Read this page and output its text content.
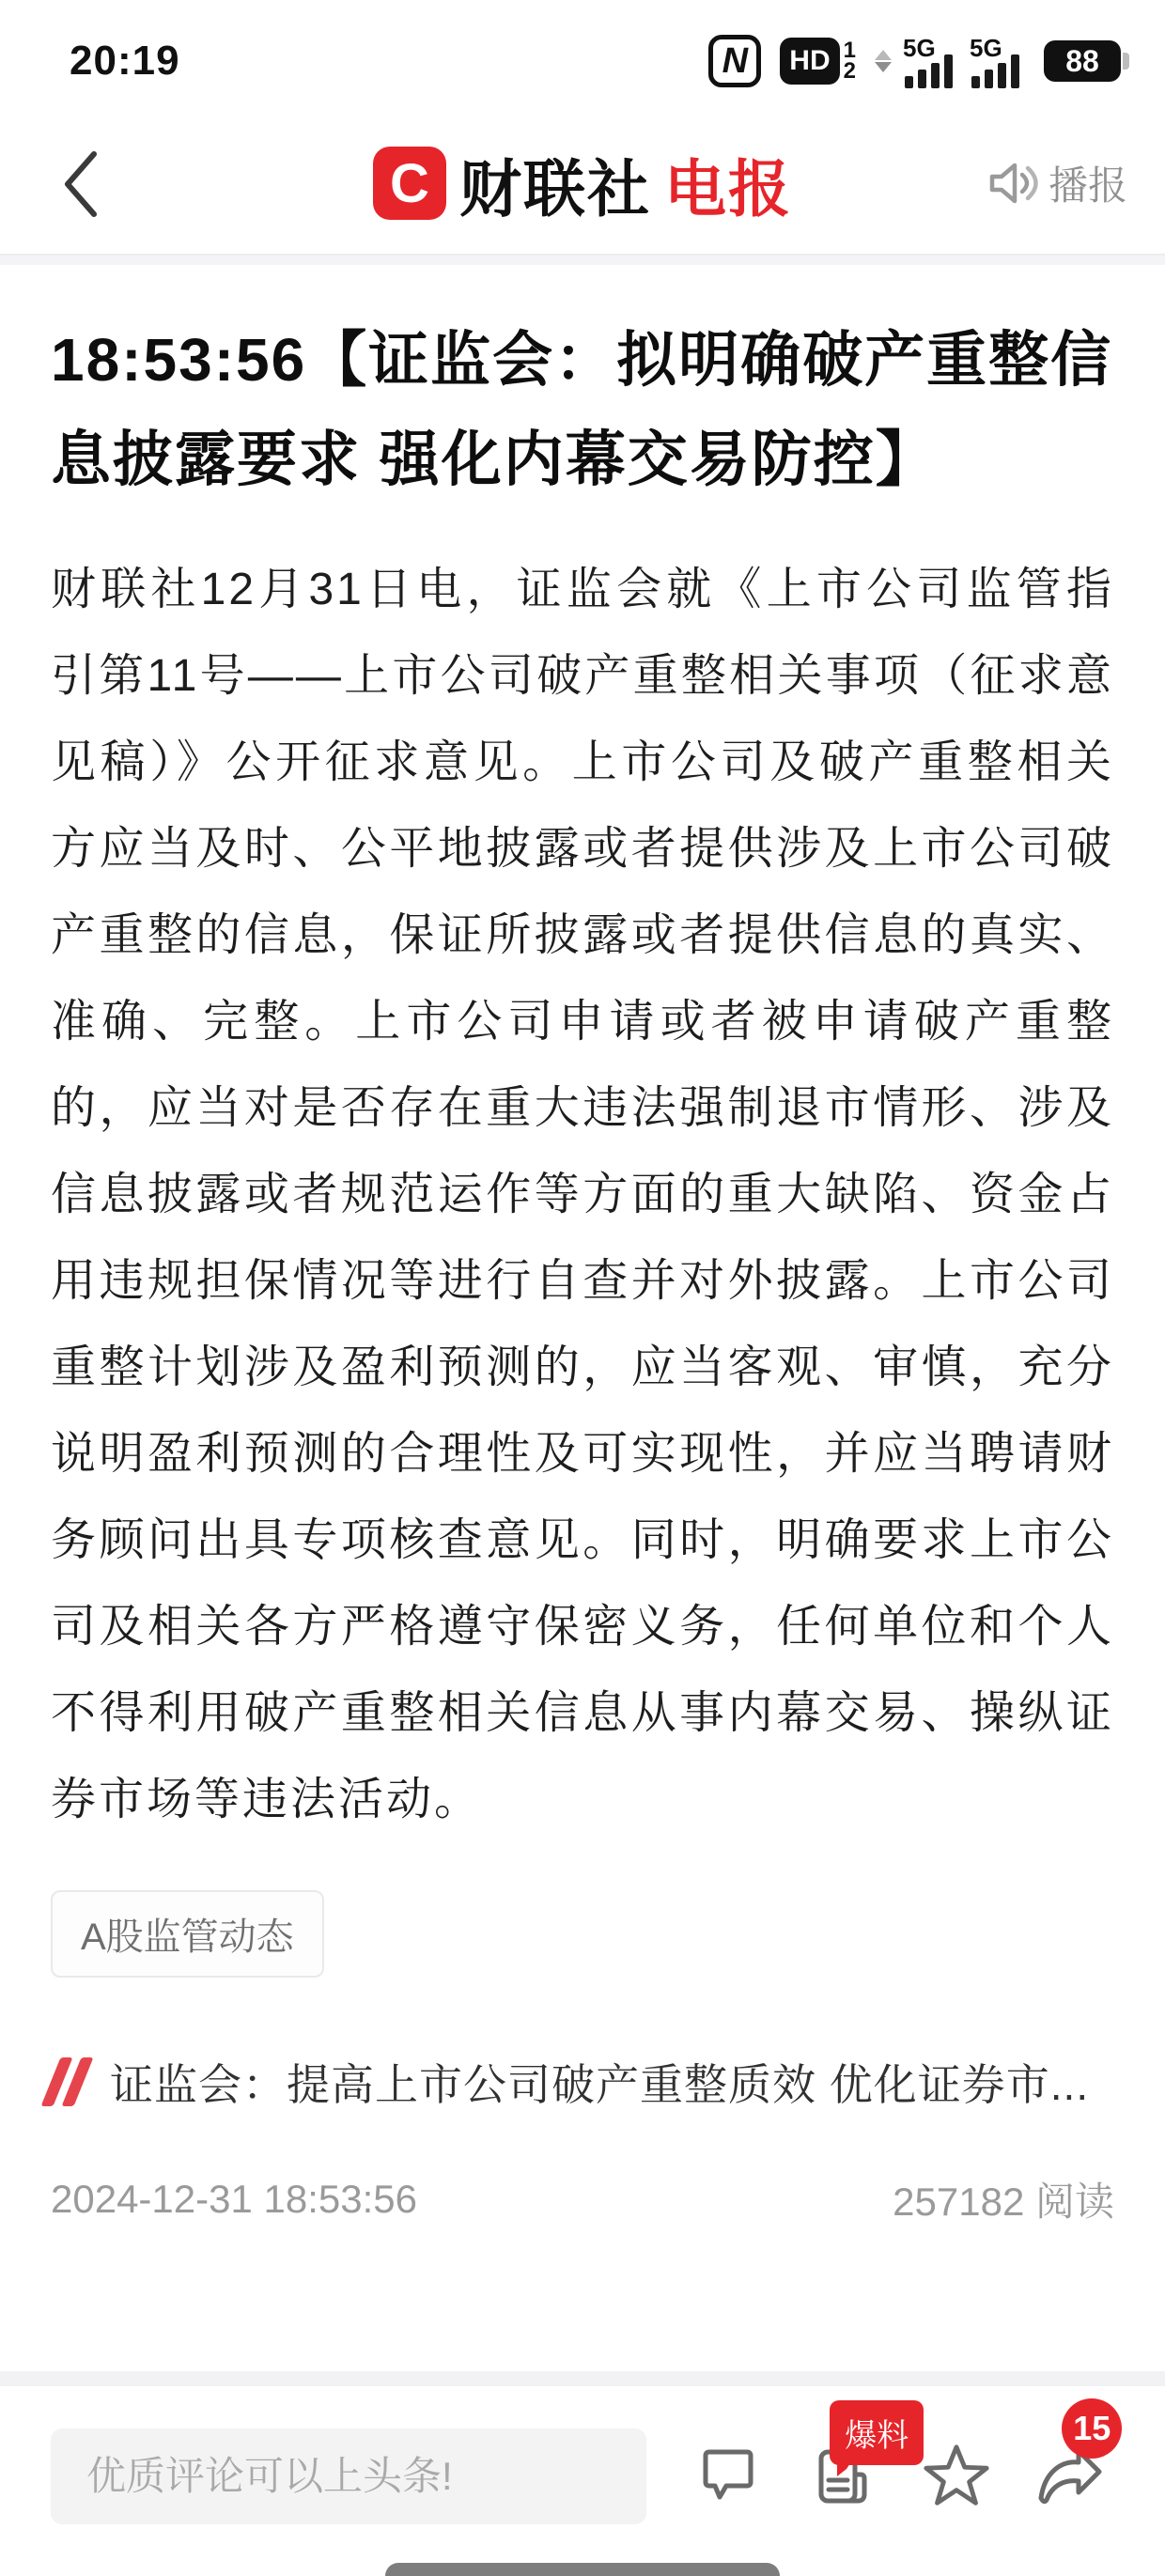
20:19	N	HD 1
2
5G 5G	88
C 财联社 电报	播报
18:53:56【证监会：拟明确破产重整信息披露要求 强化内幕交易防控】

财联社12月31日电，证监会就《上市公司监管指引第11号——上市公司破产重整相关事项（征求意见稿）》公开征求意见。上市公司及破产重整相关方应当及时、公平地披露或者提供涉及上市公司破产重整的信息，保证所披露或者提供信息的真实、准确、完整。上市公司申请或者被申请破产重整的，应当对是否存在重大违法强制退市情形、涉及信息披露或者规范运作等方面的重大缺陷、资金占用违规担保情况等进行自查并对外披露。上市公司重整计划涉及盈利预测的，应当客观、审慎，充分说明盈利预测的合理性及可实现性，并应当聘请财务顾问出具专项核查意见。同时，明确要求上市公司及相关各方严格遵守保密义务，任何单位和个人不得利用破产重整相关信息从事内幕交易、操纵证券市场等违法活动。

A股监管动态
证监会：提高上市公司破产重整质效 优化证券市...
2024-12-31 18:53:56	257182 阅读
优质评论可以上头条!
爆料	15
